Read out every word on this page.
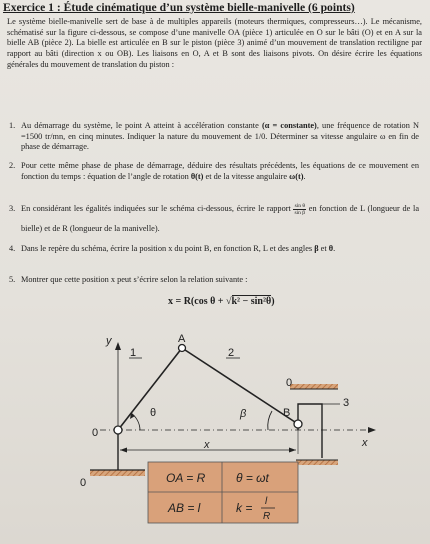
Exercice 1 : Étude cinématique d’un système bielle-manivelle (6 points)
Le système bielle-manivelle sert de base à de multiples appareils (moteurs thermiques, compresseurs…). Le mécanisme, schématisé sur la figure ci-dessous, se compose d’une manivelle OA (pièce 1) articulée en O sur le bâti (O) et en A sur la bielle AB (pièce 2). La bielle est articulée en B sur le piston (pièce 3) animé d’un mouvement de translation rectiligne par rapport au bâti (direction x ou OB). Les liaisons en O, A et B sont des liaisons pivots. On désire écrire les équations générales du mouvement de translation du piston :
1. Au démarrage du système, le point A atteint à accélération constante (α = constante), une fréquence de rotation N =1500 tr/mn, en cinq minutes. Indiquer la nature du mouvement de 1/0. Déterminer sa vitesse angulaire ω en fin de phase de démarrage.
2. Pour cette même phase de phase de démarrage, déduire des résultats précédents, les équations de ce mouvement en fonction du temps : équation de l’angle de rotation θ(t) et de la vitesse angulaire ω(t).
3. En considérant les égalités indiquées sur le schéma ci-dessous, écrire le rapport $\frac{\text{sin θ}}{\text{sin β}}$ en fonction de L (longueur de la bielle) et de R (longueur de la manivelle).
4. Dans le repère du schéma, écrire la position x du point B, en fonction R, L et des angles β et θ.
5. Montrer que cette position x peut s’écrire selon la relation suivante :
x = R(cos θ + √k² − sin²θ)
y
1
A
2
0
3
θ	β	B
x
0
x
0	OA = R	θ = ωt
AB = l	k = l
R
